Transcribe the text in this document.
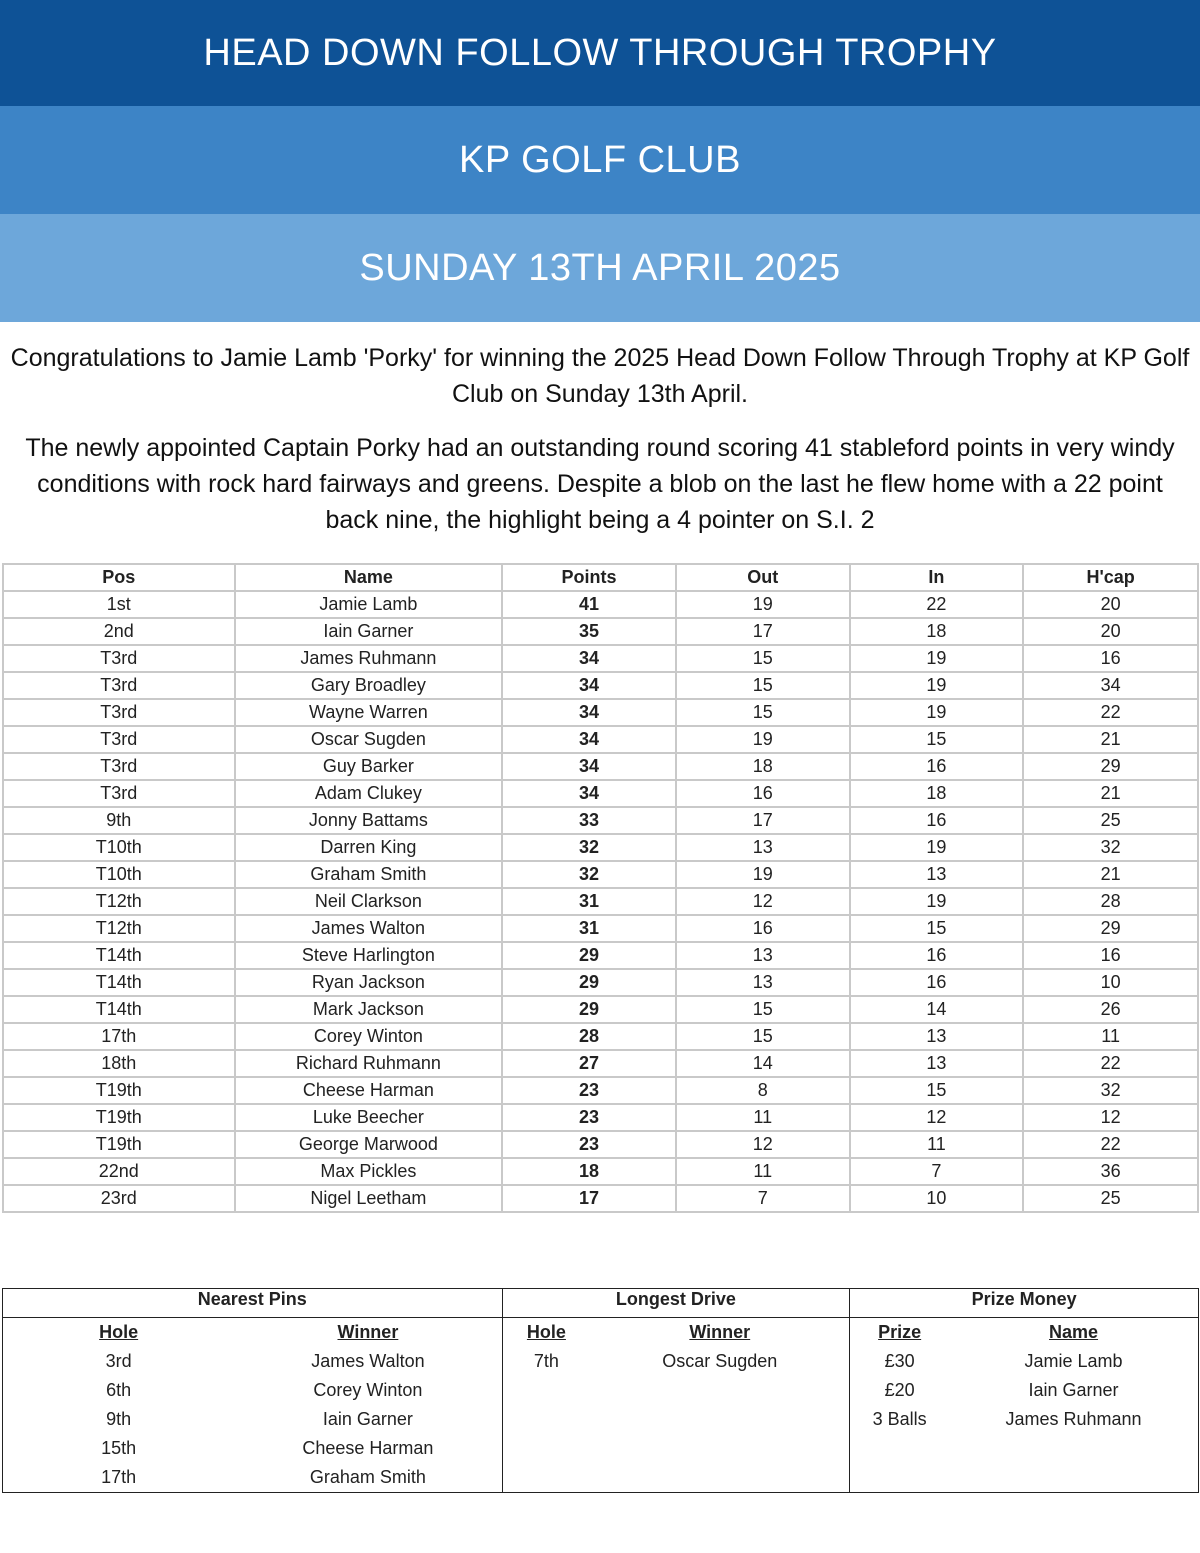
HEAD DOWN FOLLOW THROUGH TROPHY
KP GOLF CLUB
SUNDAY 13TH APRIL 2025

Congratulations to Jamie Lamb 'Porky' for winning the 2025 Head Down Follow Through Trophy at KP Golf Club on Sunday 13th April.

The newly appointed Captain Porky had an outstanding round scoring 41 stableford points in very windy conditions with rock hard fairways and greens. Despite a blob on the last he flew home with a 22 point back nine, the highlight being a 4 pointer on S.I. 2

Pos	Name	Points	Out	In	H'cap
1st	Jamie Lamb	41	19	22	20
2nd	Iain Garner	35	17	18	20
T3rd	James Ruhmann	34	15	19	16
T3rd	Gary Broadley	34	15	19	34
T3rd	Wayne Warren	34	15	19	22
T3rd	Oscar Sugden	34	19	15	21
T3rd	Guy Barker	34	18	16	29
T3rd	Adam Clukey	34	16	18	21
9th	Jonny Battams	33	17	16	25
T10th	Darren King	32	13	19	32
T10th	Graham Smith	32	19	13	21
T12th	Neil Clarkson	31	12	19	28
T12th	James Walton	31	16	15	29
T14th	Steve Harlington	29	13	16	16
T14th	Ryan Jackson	29	13	16	10
T14th	Mark Jackson	29	15	14	26
17th	Corey Winton	28	15	13	11
18th	Richard Ruhmann	27	14	13	22
T19th	Cheese Harman	23	8	15	32
T19th	Luke Beecher	23	11	12	12
T19th	George Marwood	23	12	11	22
22nd	Max Pickles	18	11	7	36
23rd	Nigel Leetham	17	7	10	25
Nearest Pins	Longest Drive	Prize Money

Hole	Winner
3rd	James Walton
6th	Corey Winton
9th	Iain Garner
15th	Cheese Harman
17th	Graham Smith

Hole	Winner
7th	Oscar Sugden

Prize	Name
£30	Jamie Lamb
£20	Iain Garner
3 Balls	James Ruhmann
